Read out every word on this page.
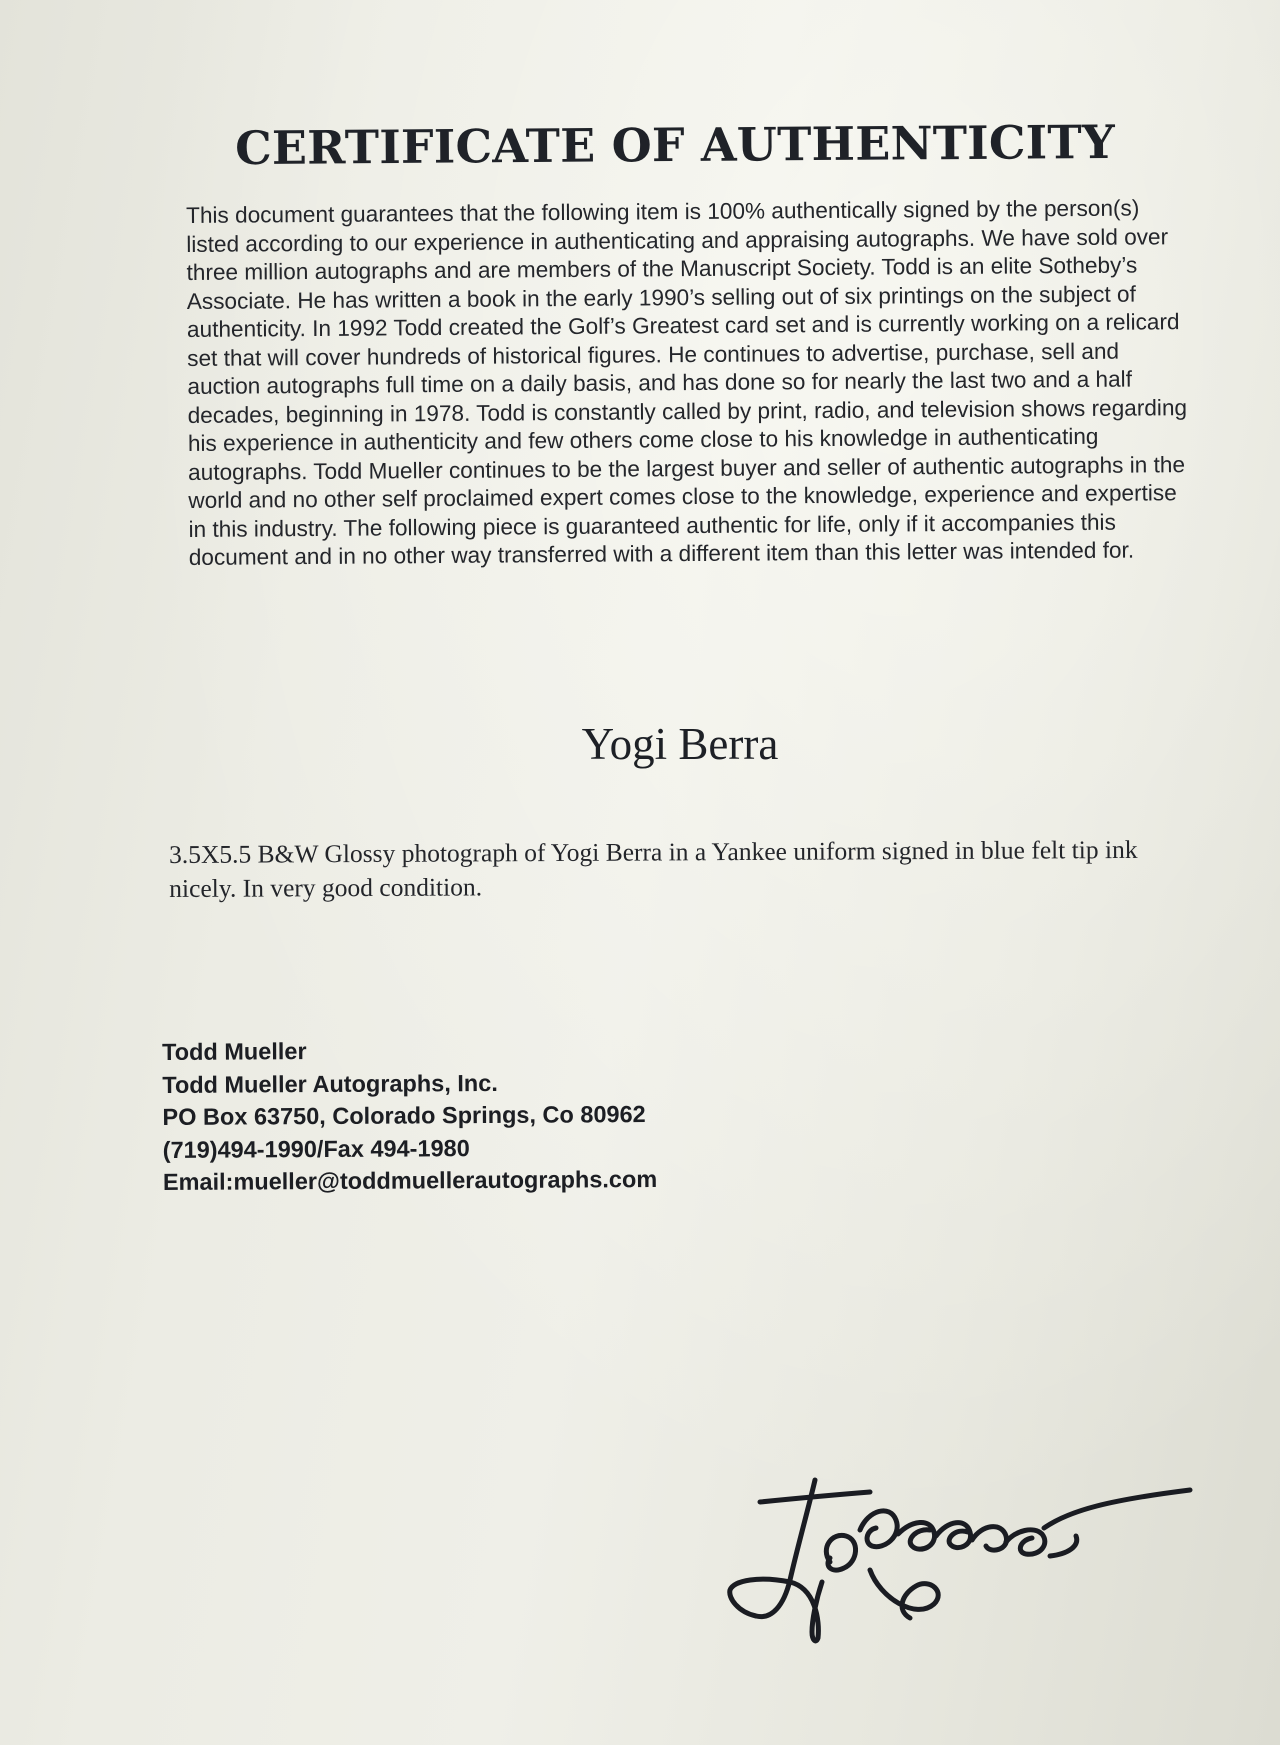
CERTIFICATE OF AUTHENTICITY

This document guarantees that the following item is 100% authentically signed by the person(s) listed according to our experience in authenticating and appraising autographs. We have sold over three million autographs and are members of the Manuscript Society. Todd is an elite Sotheby’s Associate. He has written a book in the early 1990’s selling out of six printings on the subject of authenticity. In 1992 Todd created the Golf’s Greatest card set and is currently working on a relicard set that will cover hundreds of historical figures. He continues to advertise, purchase, sell and auction autographs full time on a daily basis, and has done so for nearly the last two and a half decades, beginning in 1978. Todd is constantly called by print, radio, and television shows regarding his experience in authenticity and few others come close to his knowledge in authenticating autographs. Todd Mueller continues to be the largest buyer and seller of authentic autographs in the world and no other self proclaimed expert comes close to the knowledge, experience and expertise in this industry. The following piece is guaranteed authentic for life, only if it accompanies this document and in no other way transferred with a different item than this letter was intended for.

Yogi Berra

3.5X5.5 B&W Glossy photograph of Yogi Berra in a Yankee uniform signed in blue felt tip ink nicely. In very good condition.

Todd Mueller
Todd Mueller Autographs, Inc.
PO Box 63750, Colorado Springs, Co 80962
(719)494-1990/Fax 494-1980
Email:mueller@toddmuellerautographs.com
